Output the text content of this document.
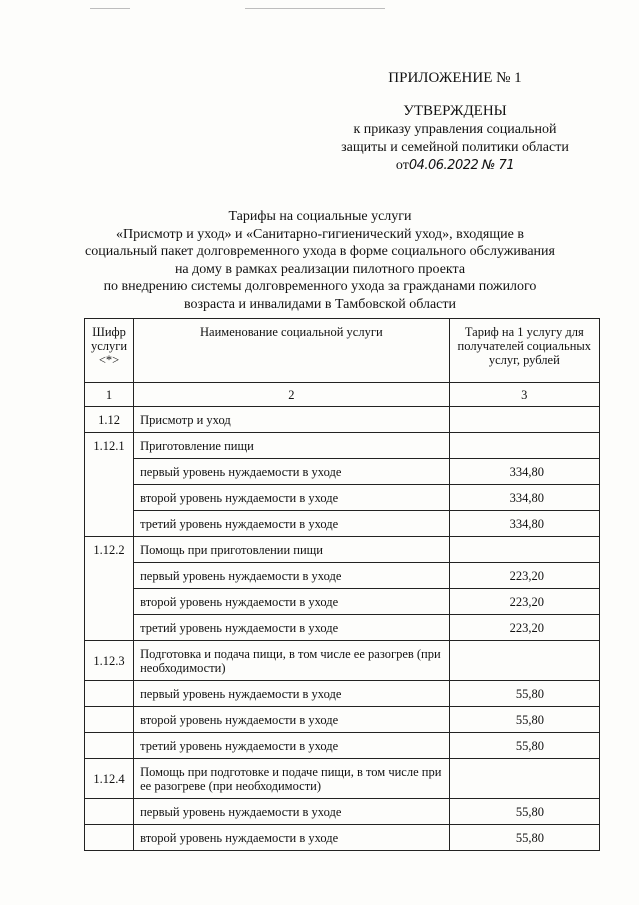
ПРИЛОЖЕНИЕ № 1
УТВЕРЖДЕНЫ
к приказу управления социальной
защиты и семейной политики области
от04.06.2022 № 71
Тарифы на социальные услуги
«Присмотр и уход» и «Санитарно-гигиенический уход», входящие в
социальный пакет долговременного ухода в форме социального обслуживания
на дому в рамках реализации пилотного проекта
по внедрению системы долговременного ухода за гражданами пожилого
возраста и инвалидами в Тамбовской области
Шифр услуги <*>	Наименование социальной услуги	Тариф на 1 услугу для получателей социальных услуг, рублей
1	2	3
1.12	Присмотр и уход	
1.12.1	Приготовление пищи	
	первый уровень нуждаемости в уходе	334,80
	второй уровень нуждаемости в уходе	334,80
	третий уровень нуждаемости в уходе	334,80
1.12.2	Помощь при приготовлении пищи	
	первый уровень нуждаемости в уходе	223,20
	второй уровень нуждаемости в уходе	223,20
	третий уровень нуждаемости в уходе	223,20
1.12.3	Подготовка и подача пищи, в том числе ее разогрев (при необходимости)	
	первый уровень нуждаемости в уходе	55,80
	второй уровень нуждаемости в уходе	55,80
	третий уровень нуждаемости в уходе	55,80
1.12.4	Помощь при подготовке и подаче пищи, в том числе при ее разогреве (при необходимости)	
	первый уровень нуждаемости в уходе	55,80
	второй уровень нуждаемости в уходе	55,80
